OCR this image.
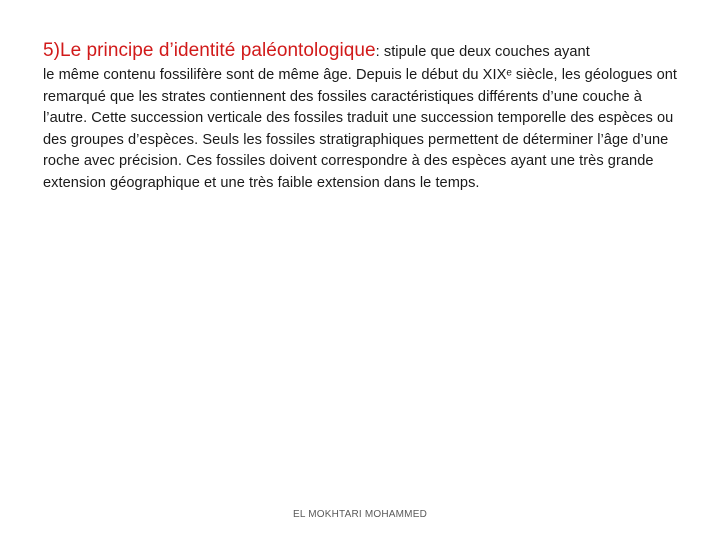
5)Le principe d’identité paléontologique: stipule que deux couches ayant
le même contenu fossilifère sont de même âge. Depuis le début du XIXᵉ siècle, les géologues ont remarqué que les strates contiennent des fossiles caractéristiques différents d’une couche à l’autre. Cette succession verticale des fossiles traduit une succession temporelle des espèces ou des groupes d’espèces. Seuls les fossiles stratigraphiques permettent de déterminer l’âge d’une roche avec précision. Ces fossiles doivent correspondre à des espèces ayant une très grande extension géographique et une très faible extension dans le temps.
EL MOKHTARI MOHAMMED
